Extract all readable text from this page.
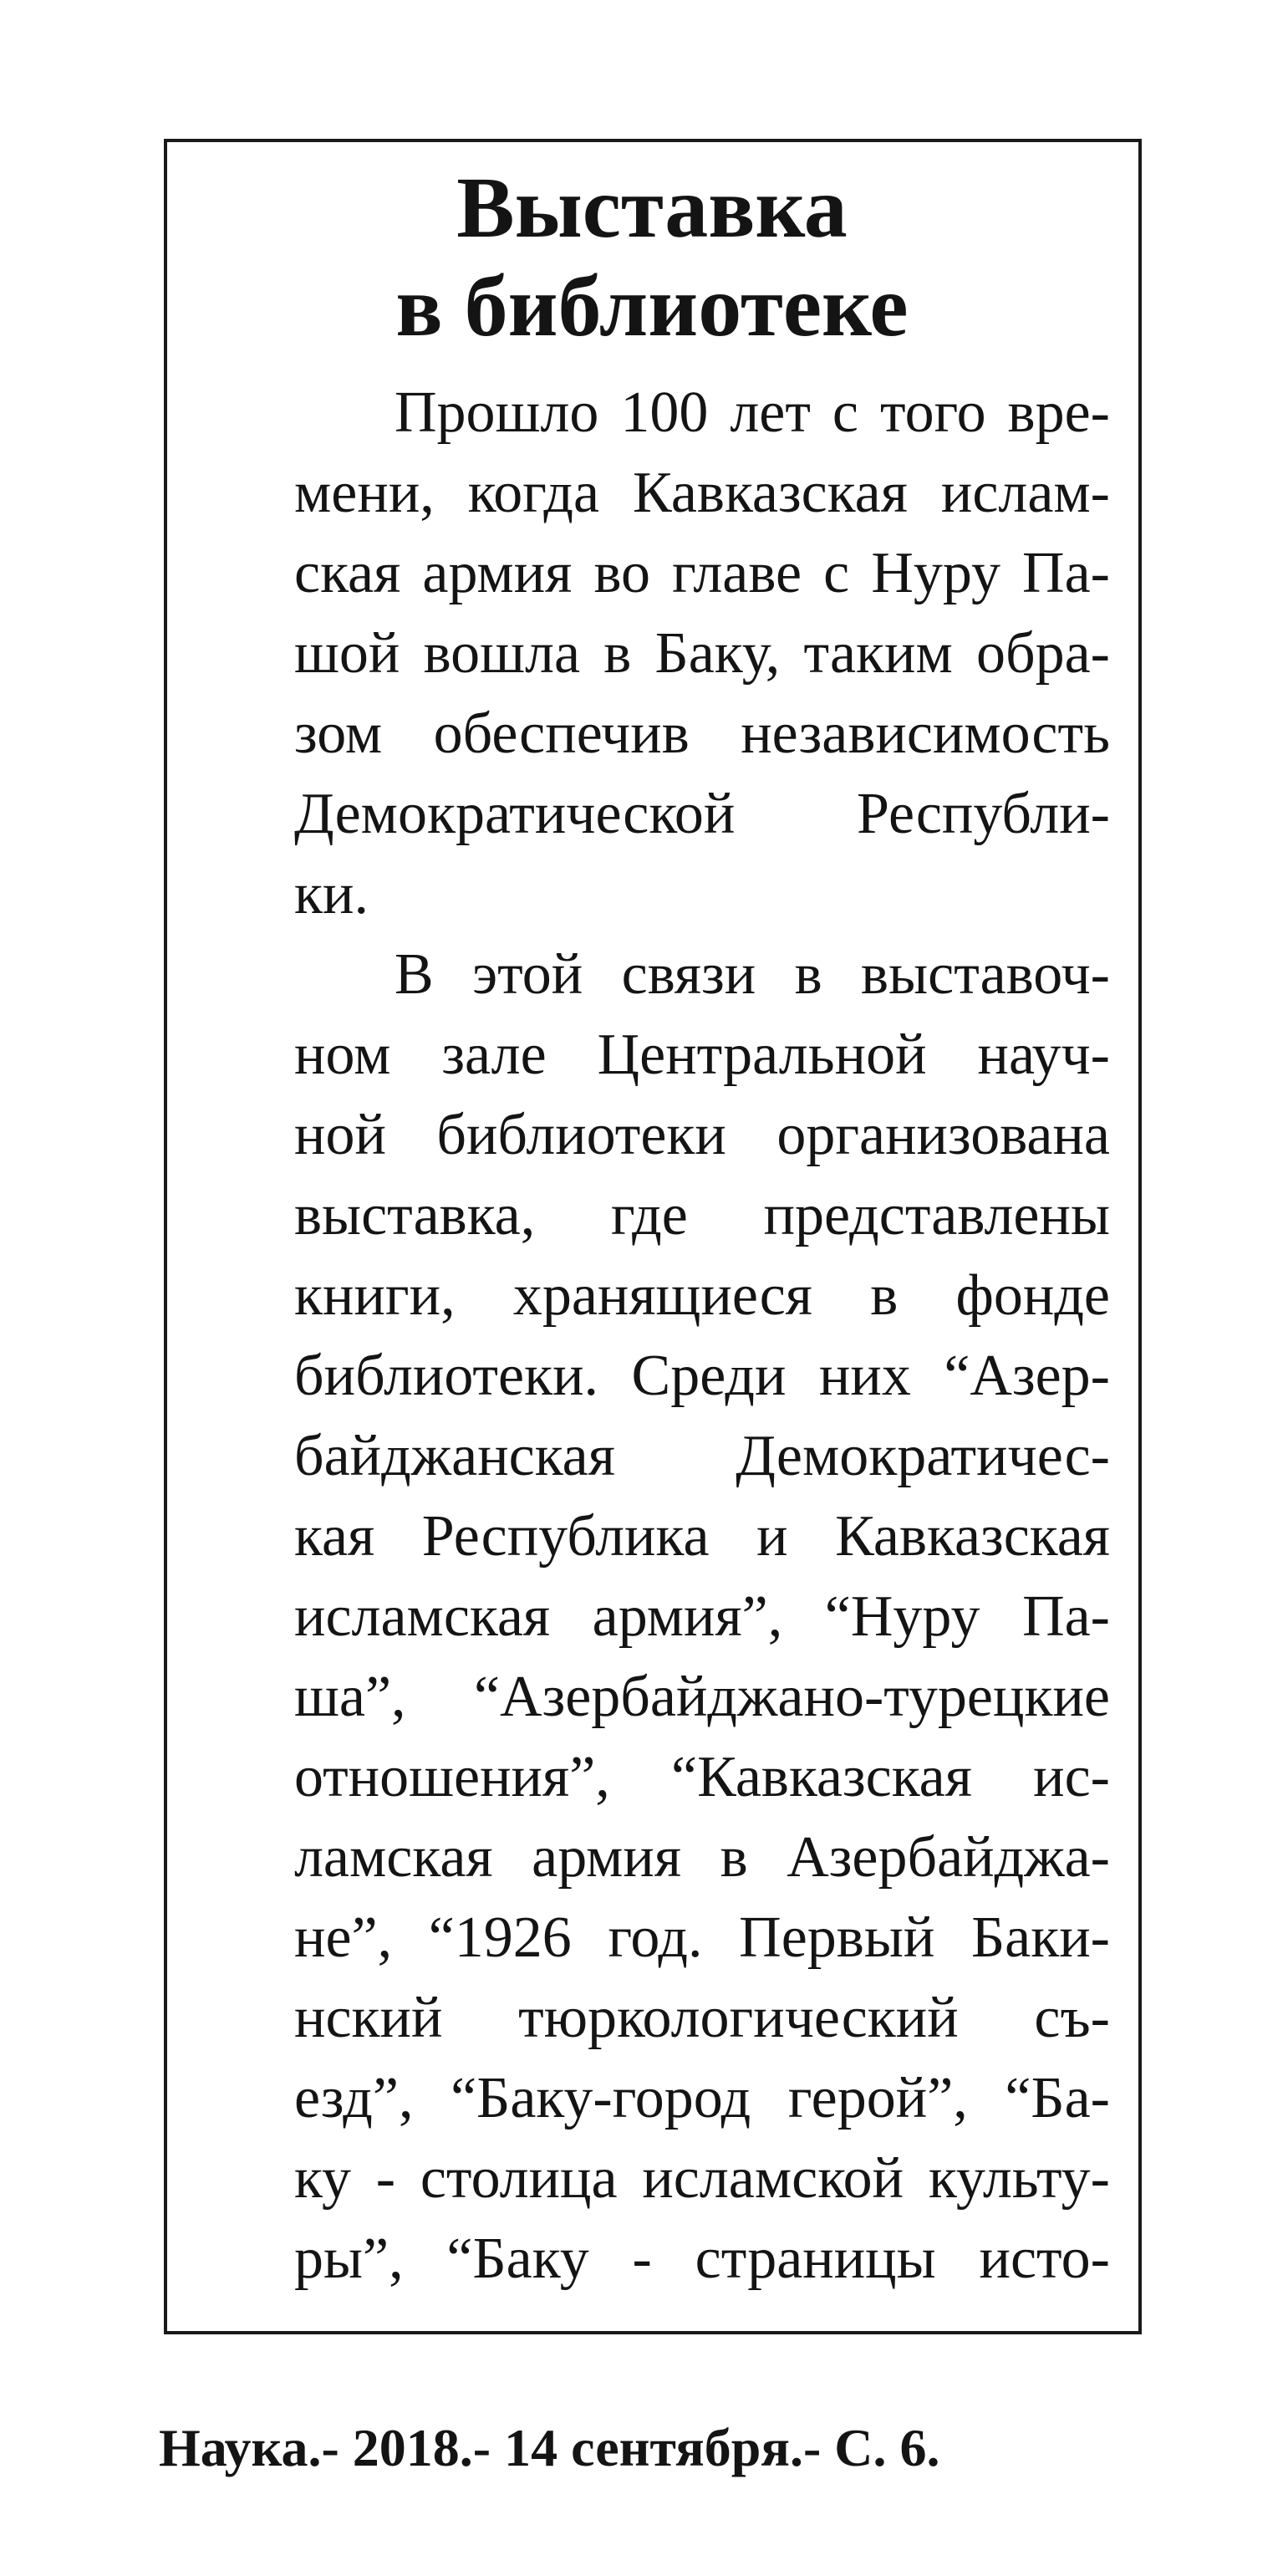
Выставка
в библиотеке
Прошло 100 лет с того вре-
мени, когда Кавказская ислам-
ская армия во главе с Нуру Па-
шой вошла в Баку, таким обра-
зом обеспечив независимость
Демократической Республи-
ки.
В этой связи в выставоч-
ном зале Центральной науч-
ной библиотеки организована
выставка, где представлены
книги, хранящиеся в фонде
библиотеки. Среди них “Азер-
байджанская Демократичес-
кая Республика и Кавказская
исламская армия”, “Нуру Па-
ша”, “Азербайджано-турецкие
отношения”, “Кавказская ис-
ламская армия в Азербайджа-
не”, “1926 год. Первый Баки-
нский тюркологический съ-
езд”, “Баку-город герой”, “Ба-
ку - столица исламской культу-
ры”, “Баку - страницы исто-

Наука.- 2018.- 14 сентября.- С. 6.
